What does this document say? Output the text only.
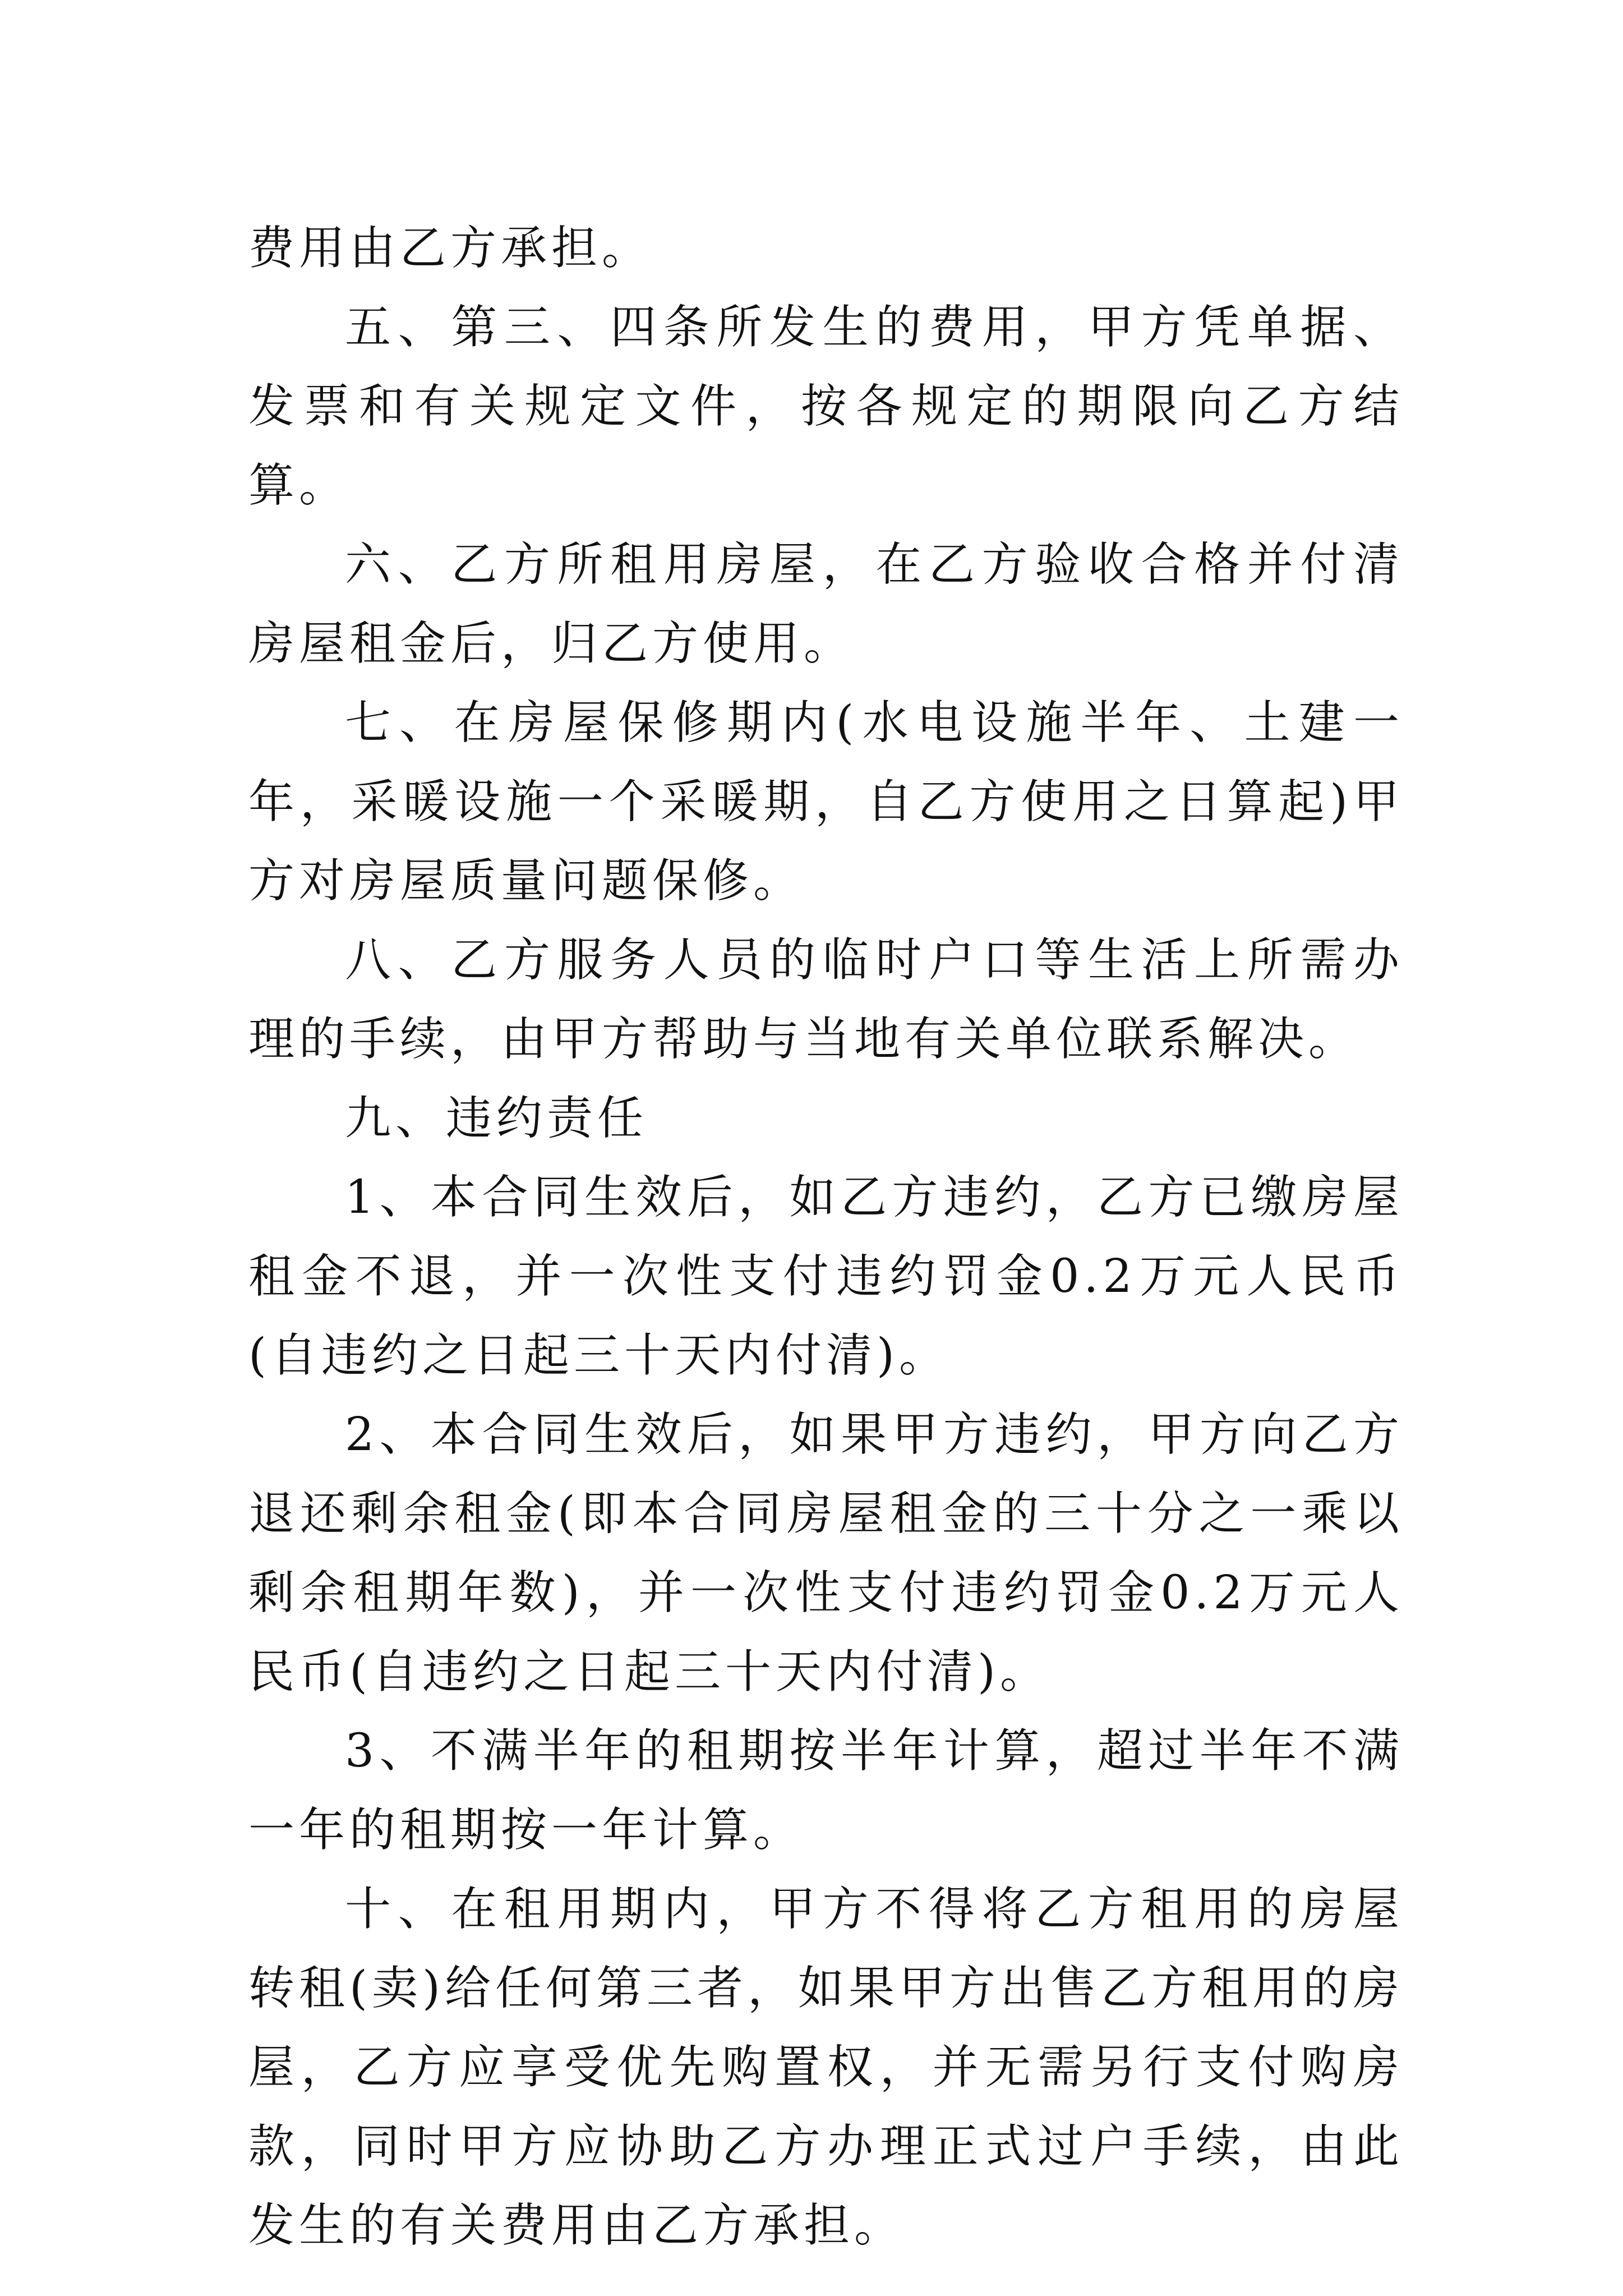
费用由乙方承担。

五、第三、四条所发生的费用，甲方凭单据、发票和有关规定文件，按各规定的期限向乙方结算。

六、乙方所租用房屋，在乙方验收合格并付清房屋租金后，归乙方使用。

七、在房屋保修期内(水电设施半年、土建一年，采暖设施一个采暖期，自乙方使用之日算起)甲方对房屋质量问题保修。

八、乙方服务人员的临时户口等生活上所需办理的手续，由甲方帮助与当地有关单位联系解决。

九、违约责任

1、本合同生效后，如乙方违约，乙方已缴房屋租金不退，并一次性支付违约罚金0.2万元人民币(自违约之日起三十天内付清)。

2、本合同生效后，如果甲方违约，甲方向乙方退还剩余租金(即本合同房屋租金的三十分之一乘以剩余租期年数)，并一次性支付违约罚金0.2万元人民币(自违约之日起三十天内付清)。

3、不满半年的租期按半年计算，超过半年不满一年的租期按一年计算。

十、在租用期内，甲方不得将乙方租用的房屋转租(卖)给任何第三者，如果甲方出售乙方租用的房屋，乙方应享受优先购置权，并无需另行支付购房款，同时甲方应协助乙方办理正式过户手续，由此发生的有关费用由乙方承担。
